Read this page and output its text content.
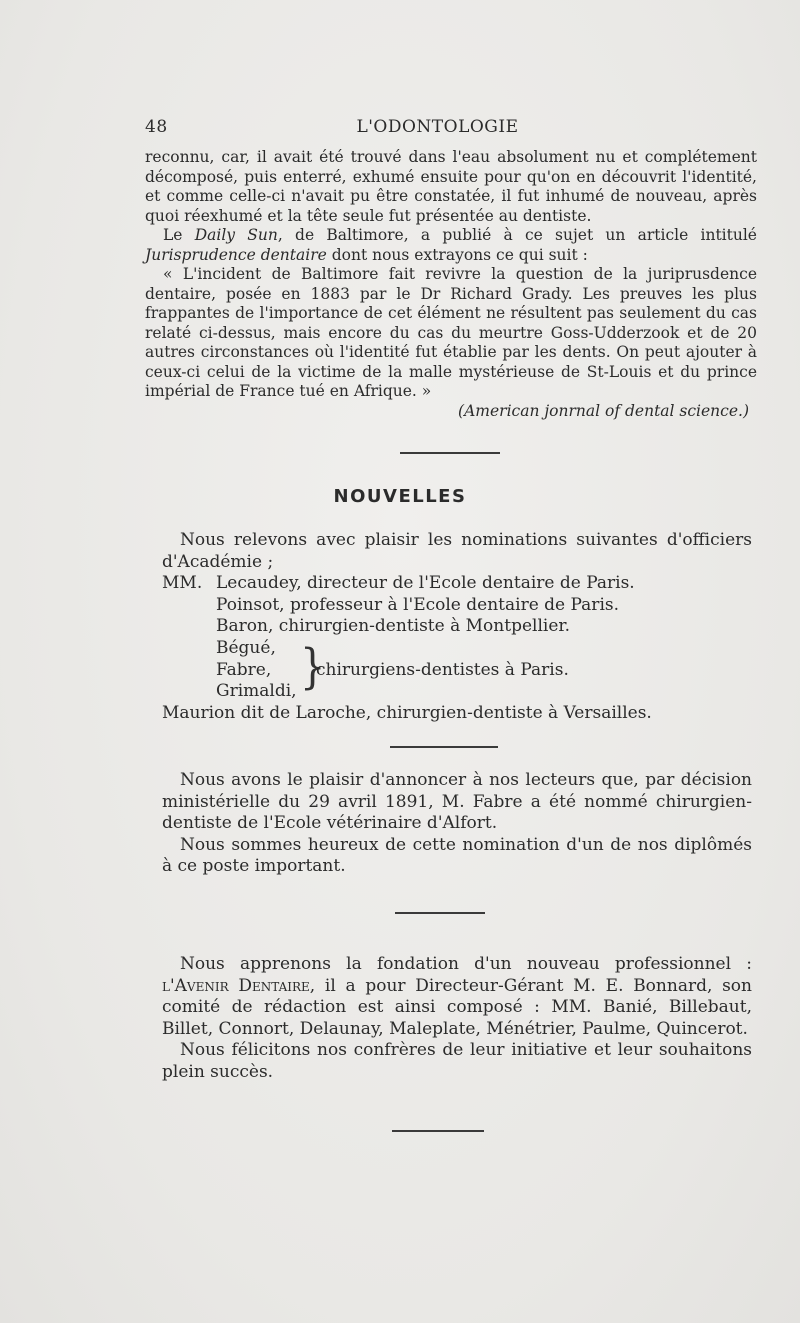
48	L'ODONTOLOGIE

reconnu, car, il avait été trouvé dans l'eau absolument nu et complétement décomposé, puis enterré, exhumé ensuite pour qu'on en découvrit l'identité, et comme celle-ci n'avait pu être constatée, il fut inhumé de nouveau, après quoi réexhumé et la tête seule fut présentée au dentiste.

Le Daily Sun, de Baltimore, a publié à ce sujet un article intitulé Jurisprudence dentaire dont nous extrayons ce qui suit :

« L'incident de Baltimore fait revivre la question de la juriprusdence dentaire, posée en 1883 par le Dr Richard Grady. Les preuves les plus frappantes de l'importance de cet élément ne résultent pas seulement du cas relaté ci-dessus, mais encore du cas du meurtre Goss-Udderzook et de 20 autres circonstances où l'identité fut établie par les dents. On peut ajouter à ceux-ci celui de la victime de la malle mystérieuse de St-Louis et du prince impérial de France tué en Afrique. »

(American jonrnal of dental science.)

NOUVELLES

Nous relevons avec plaisir les nominations suivantes d'officiers d'Académie ;

MM. Lecaudey, directeur de l'Ecole dentaire de Paris.
Poinsot, professeur à l'Ecole dentaire de Paris.
Baron, chirurgien-dentiste à Montpellier.
Bégué,
Fabre,
Grimaldi, }
chirurgiens-dentistes à Paris.
Maurion dit de Laroche, chirurgien-dentiste à Versailles.

Nous avons le plaisir d'annoncer à nos lecteurs que, par décision ministérielle du 29 avril 1891, M. Fabre a été nommé chirurgien-dentiste de l'Ecole vétérinaire d'Alfort.

Nous sommes heureux de cette nomination d'un de nos diplômés à ce poste important.

Nous apprenons la fondation d'un nouveau professionnel : l'Avenir Dentaire, il a pour Directeur-Gérant M. E. Bonnard, son comité de rédaction est ainsi composé : MM. Banié, Billebaut, Billet, Connort, Delaunay, Maleplate, Ménétrier, Paulme, Quincerot.

Nous félicitons nos confrères de leur initiative et leur souhaitons plein succès.
